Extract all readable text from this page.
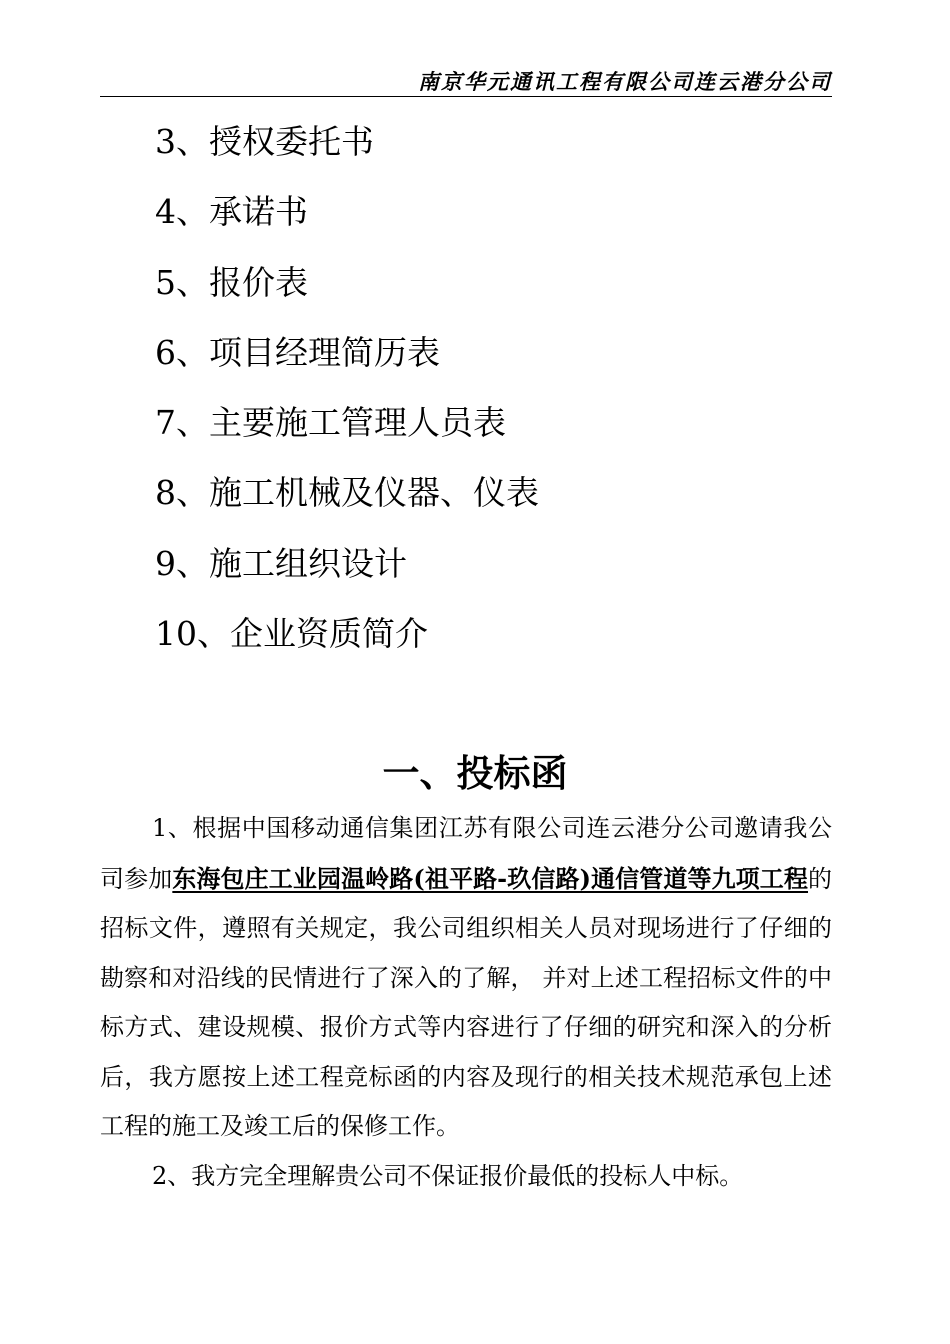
南京华元通讯工程有限公司连云港分公司
3、授权委托书
4、承诺书
5、报价表
6、项目经理简历表
7、主要施工管理人员表
8、施工机械及仪器、仪表
9、施工组织设计
10、企业资质简介
一、投标函

1、根据中国移动通信集团江苏有限公司连云港分公司邀请我公司参加东海包庄工业园温岭路(祖平路-玖信路)通信管道等九项工程的招标文件，遵照有关规定，我公司组织相关人员对现场进行了仔细的勘察和对沿线的民情进行了深入的了解， 并对上述工程招标文件的中标方式、建设规模、报价方式等内容进行了仔细的研究和深入的分析后，我方愿按上述工程竞标函的内容及现行的相关技术规范承包上述工程的施工及竣工后的保修工作。

2、我方完全理解贵公司不保证报价最低的投标人中标。
